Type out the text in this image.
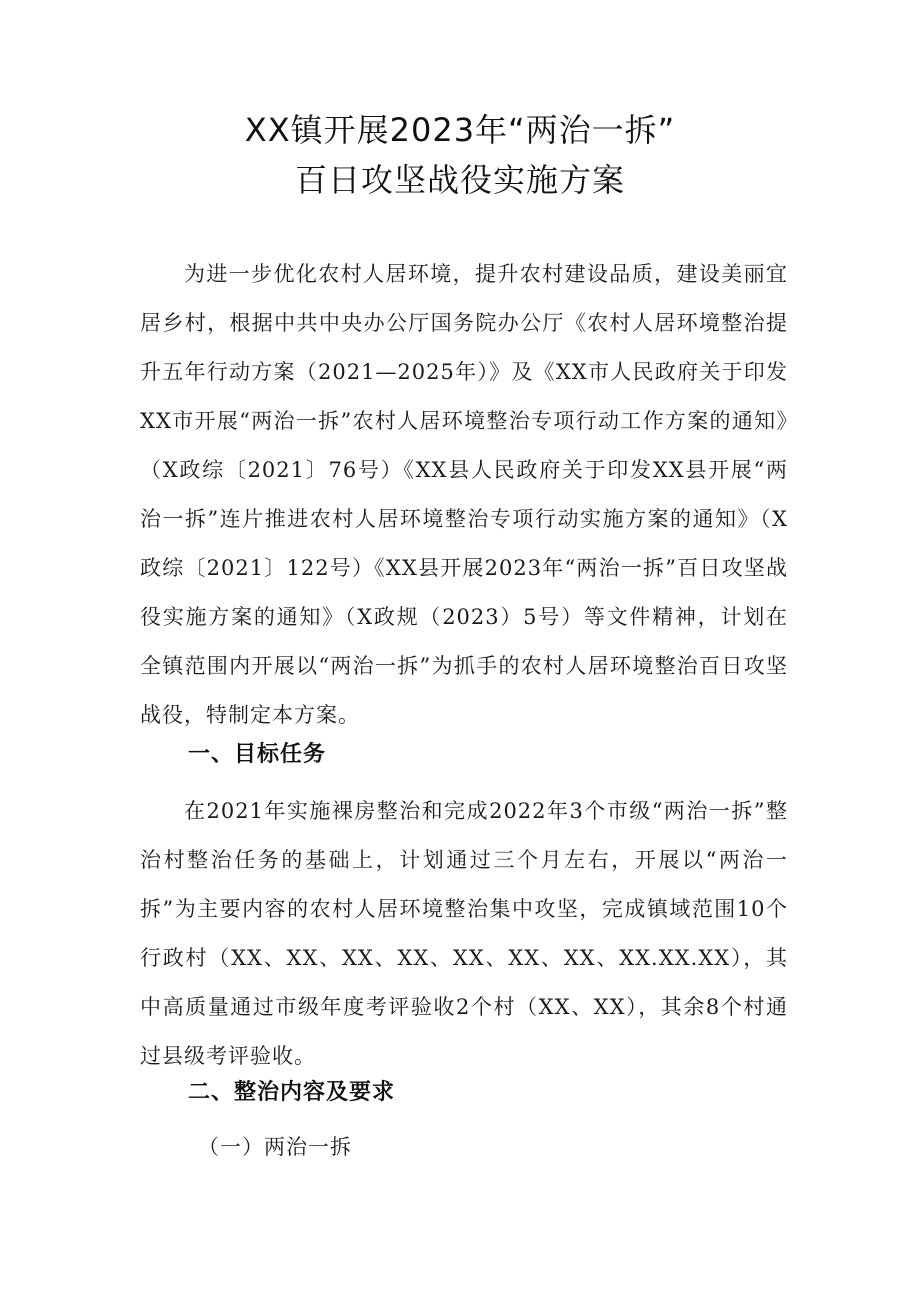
XX镇开展2023年“两治一拆”
百日攻坚战役实施方案
为进一步优化农村人居环境，提升农村建设品质，建设美丽宜居乡村，根据中共中央办公厅国务院办公厅《农村人居环境整治提升五年行动方案（2021—2025年）》及《XX市人民政府关于印发XX市开展“两治一拆”农村人居环境整治专项行动工作方案的通知》（X政综〔2021〕76号）《XX县人民政府关于印发XX县开展“两治一拆”连片推进农村人居环境整治专项行动实施方案的通知》（X政综〔2021〕122号）《XX县开展2023年“两治一拆”百日攻坚战役实施方案的通知》（X政规（2023）5号）等文件精神，计划在全镇范围内开展以“两治一拆”为抓手的农村人居环境整治百日攻坚战役，特制定本方案。
一、目标任务
在2021年实施裸房整治和完成2022年3个市级“两治一拆”整治村整治任务的基础上，计划通过三个月左右，开展以“两治一拆”为主要内容的农村人居环境整治集中攻坚，完成镇域范围10个行政村（XX、XX、XX、XX、XX、XX、XX、XX.XX.XX），其中高质量通过市级年度考评验收2个村（XX、XX），其余8个村通过县级考评验收。
二、整治内容及要求
（一）两治一拆
